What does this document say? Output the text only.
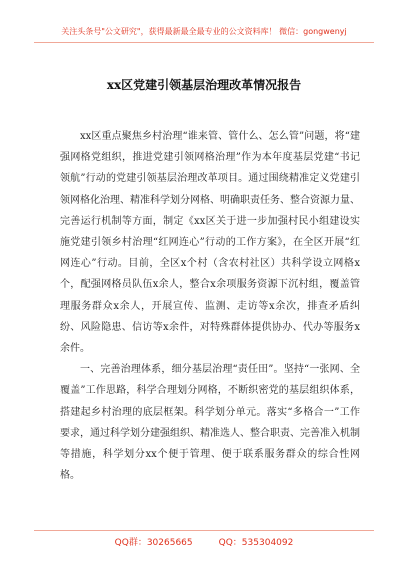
关注头条号"公文研究"，获得最新最全最专业的公文资料库！ 微信：gongwenyj
xx区党建引领基层治理改革情况报告

xx区重点聚焦乡村治理“谁来管、管什么、怎么管”问题，将“建强网格党组织，推进党建引领网格治理”作为本年度基层党建“书记领航”行动的党建引领基层治理改革项目。通过围绕精准定义党建引领网格化治理、精准科学划分网格、明确职责任务、整合资源力量、完善运行机制等方面，制定《xx区关于进一步加强村民小组建设实施党建引领乡村治理“红网连心”行动的工作方案》，在全区开展“红网连心”行动。目前，全区x个村（含农村社区）共科学设立网格x个，配强网格员队伍x余人，整合x余项服务资源下沉村组，覆盖管理服务群众x余人，开展宣传、监测、走访等x余次，排查矛盾纠纷、风险隐患、信访等x余件，对特殊群体提供协办、代办等服务x余件。

一、完善治理体系，细分基层治理“责任田”。坚持“一张网、全覆盖”工作思路，科学合理划分网格，不断织密党的基层组织体系，搭建起乡村治理的底层框架。科学划分单元。落实“多格合一”工作要求，通过科学划分建强组织、精准选人、整合职责、完善准入机制等措施，科学划分xx个便于管理、便于联系服务群众的综合性网格。

QQ群：30265665	QQ：535304092
